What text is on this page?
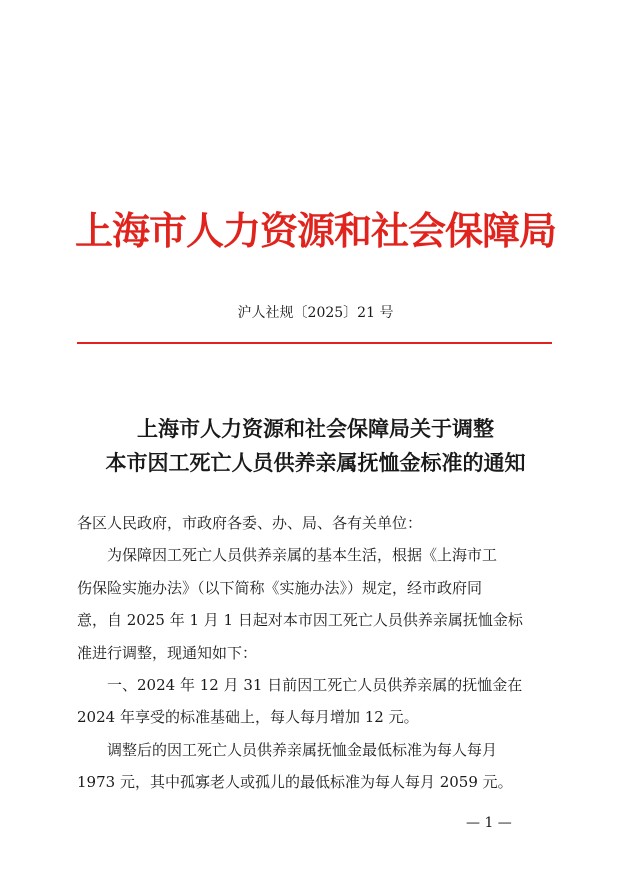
上海市人力资源和社会保障局
沪人社规〔2025〕21 号
上海市人力资源和社会保障局关于调整
本市因工死亡人员供养亲属抚恤金标准的通知
各区人民政府，市政府各委、办、局、各有关单位：
为保障因工死亡人员供养亲属的基本生活，根据《上海市工
伤保险实施办法》（以下简称《实施办法》）规定，经市政府同
意，自 2025 年 1 月 1 日起对本市因工死亡人员供养亲属抚恤金标
准进行调整，现通知如下：
一、2024 年 12 月 31 日前因工死亡人员供养亲属的抚恤金在
2024 年享受的标准基础上，每人每月增加 12 元。
调整后的因工死亡人员供养亲属抚恤金最低标准为每人每月
1973 元，其中孤寡老人或孤儿的最低标准为每人每月 2059 元。
— 1 —
